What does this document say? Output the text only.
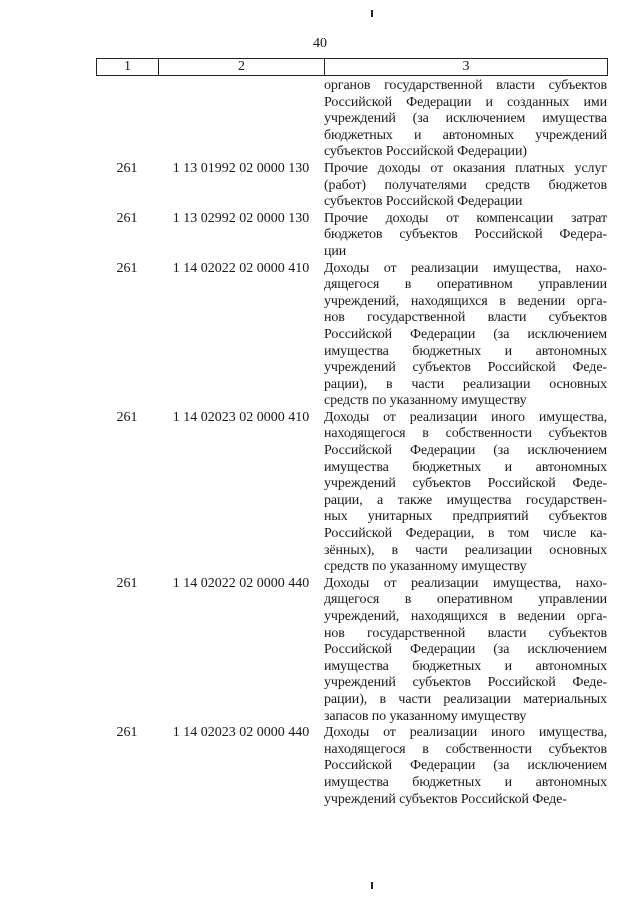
40
1	2	3
органов государственной власти субъектов
Российской Федерации и созданных ими
учреждений (за исключением имущества
бюджетных и автономных учреждений
субъектов Российской Федерации)
261	1 13 01992 02 0000 130	Прочие доходы от оказания платных услуг
(работ) получателями средств бюджетов
субъектов Российской Федерации
261	1 13 02992 02 0000 130	Прочие доходы от компенсации затрат
бюджетов субъектов Российской Федера-
ции
261	1 14 02022 02 0000 410	Доходы от реализации имущества, нахо-
дящегося в оперативном управлении
учреждений, находящихся в ведении орга-
нов государственной власти субъектов
Российской Федерации (за исключением
имущества бюджетных и автономных
учреждений субъектов Российской Феде-
рации), в части реализации основных
средств по указанному имуществу
261	1 14 02023 02 0000 410	Доходы от реализации иного имущества,
находящегося в собственности субъектов
Российской Федерации (за исключением
имущества бюджетных и автономных
учреждений субъектов Российской Феде-
рации, а также имущества государствен-
ных унитарных предприятий субъектов
Российской Федерации, в том числе ка-
зённых), в части реализации основных
средств по указанному имуществу
261	1 14 02022 02 0000 440	Доходы от реализации имущества, нахо-
дящегося в оперативном управлении
учреждений, находящихся в ведении орга-
нов государственной власти субъектов
Российской Федерации (за исключением
имущества бюджетных и автономных
учреждений субъектов Российской Феде-
рации), в части реализации материальных
запасов по указанному имуществу
261	1 14 02023 02 0000 440	Доходы от реализации иного имущества,
находящегося в собственности субъектов
Российской Федерации (за исключением
имущества бюджетных и автономных
учреждений субъектов Российской Феде-
